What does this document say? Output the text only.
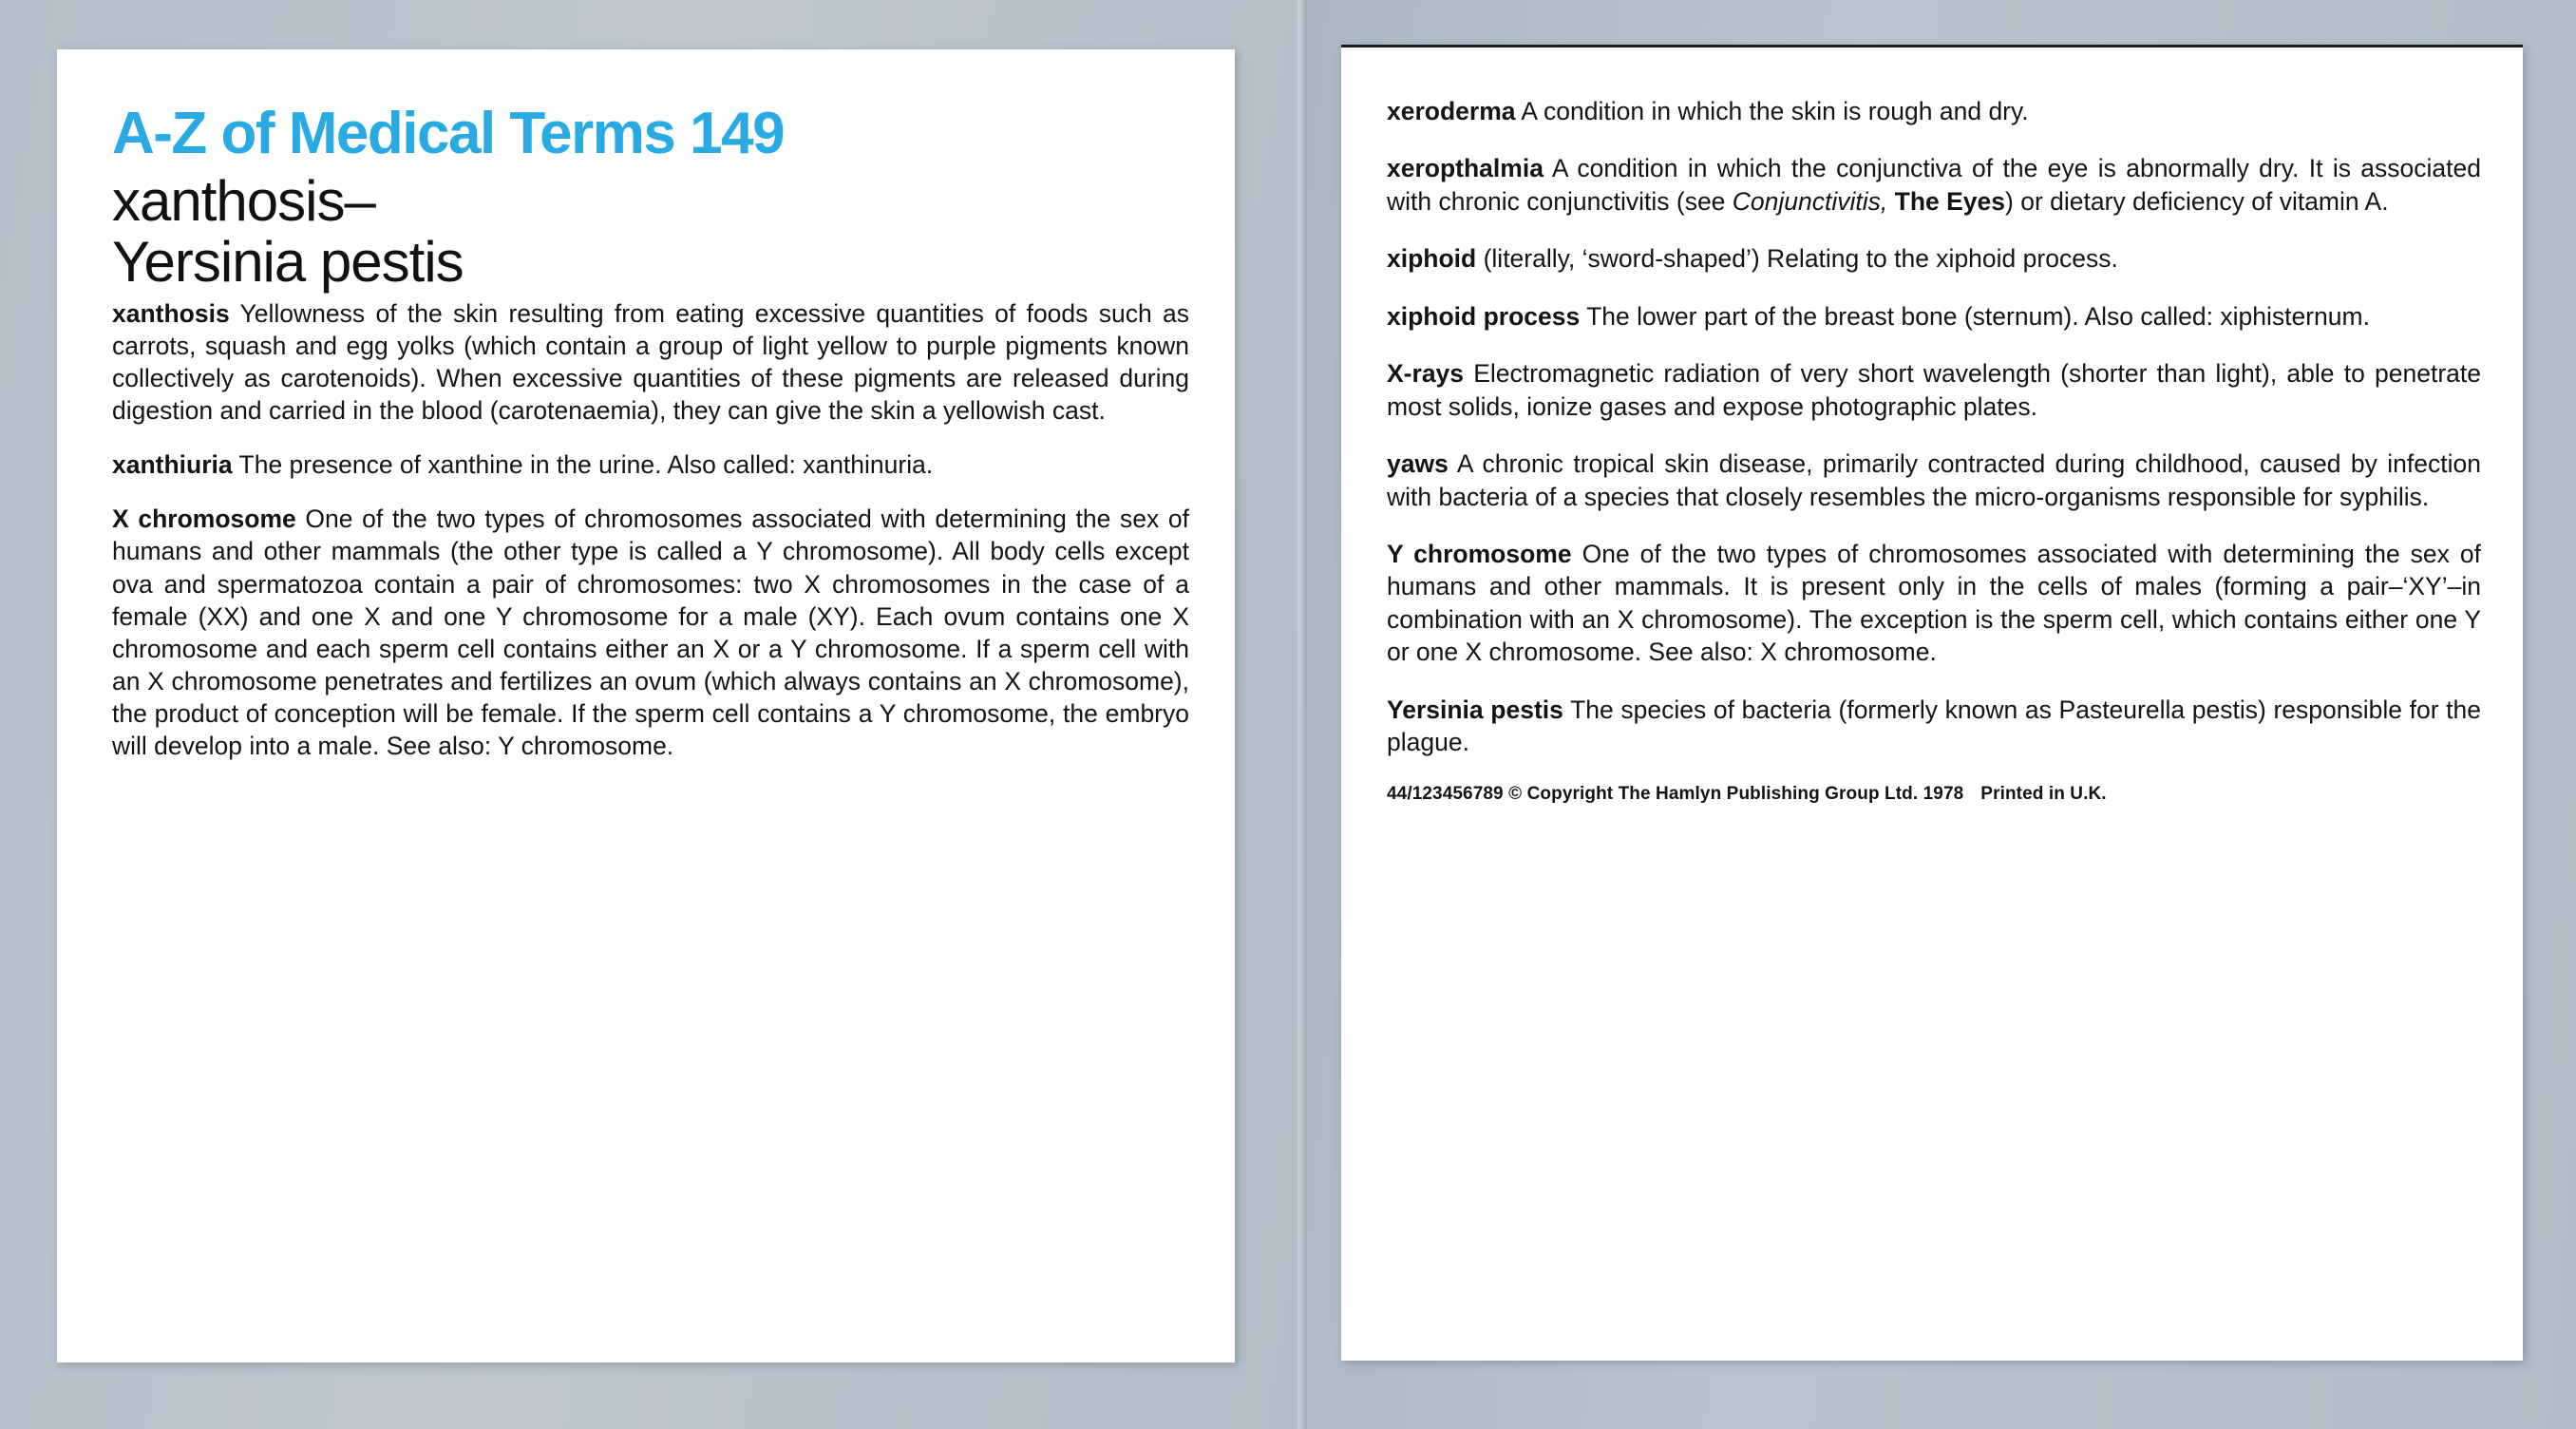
A-Z of Medical Terms 149
xanthosis–
Yersinia pestis

xanthosis Yellowness of the skin resulting from eating excessive quantities of foods such as carrots, squash and egg yolks (which contain a group of light yellow to purple pigments known collectively as carotenoids). When excessive quantities of these pigments are released during digestion and carried in the blood (carotenaemia), they can give the skin a yellowish cast.

xanthiuria The presence of xanthine in the urine. Also called: xanthinuria.

X chromosome One of the two types of chromosomes associated with determining the sex of humans and other mammals (the other type is called a Y chromosome). All body cells except ova and spermatozoa contain a pair of chromosomes: two X chromosomes in the case of a female (XX) and one X and one Y chromosome for a male (XY). Each ovum contains one X chromosome and each sperm cell contains either an X or a Y chromosome. If a sperm cell with an X chromosome penetrates and fertilizes an ovum (which always contains an X chromosome), the product of conception will be female. If the sperm cell contains a Y chromosome, the embryo will develop into a male. See also: Y chromosome.

xeroderma A condition in which the skin is rough and dry.

xeropthalmia A condition in which the conjunctiva of the eye is abnormally dry. It is associated with chronic conjunctivitis (see Conjunctivitis, The Eyes) or dietary deficiency of vitamin A.

xiphoid (literally, ‘sword-shaped’) Relating to the xiphoid process.

xiphoid process The lower part of the breast bone (sternum). Also called: xiphisternum.

X-rays Electromagnetic radiation of very short wavelength (shorter than light), able to penetrate most solids, ionize gases and expose photographic plates.

yaws A chronic tropical skin disease, primarily contracted during childhood, caused by infection with bacteria of a species that closely resembles the micro-organisms responsible for syphilis.

Y chromosome One of the two types of chromosomes associated with determining the sex of humans and other mammals. It is present only in the cells of males (forming a pair–‘XY’–in combination with an X chromosome). The exception is the sperm cell, which contains either one Y or one X chromosome. See also: X chromosome.

Yersinia pestis The species of bacteria (formerly known as Pasteurella pestis) responsible for the plague.

44/123456789 © Copyright The Hamlyn Publishing Group Ltd. 1978 Printed in U.K.
